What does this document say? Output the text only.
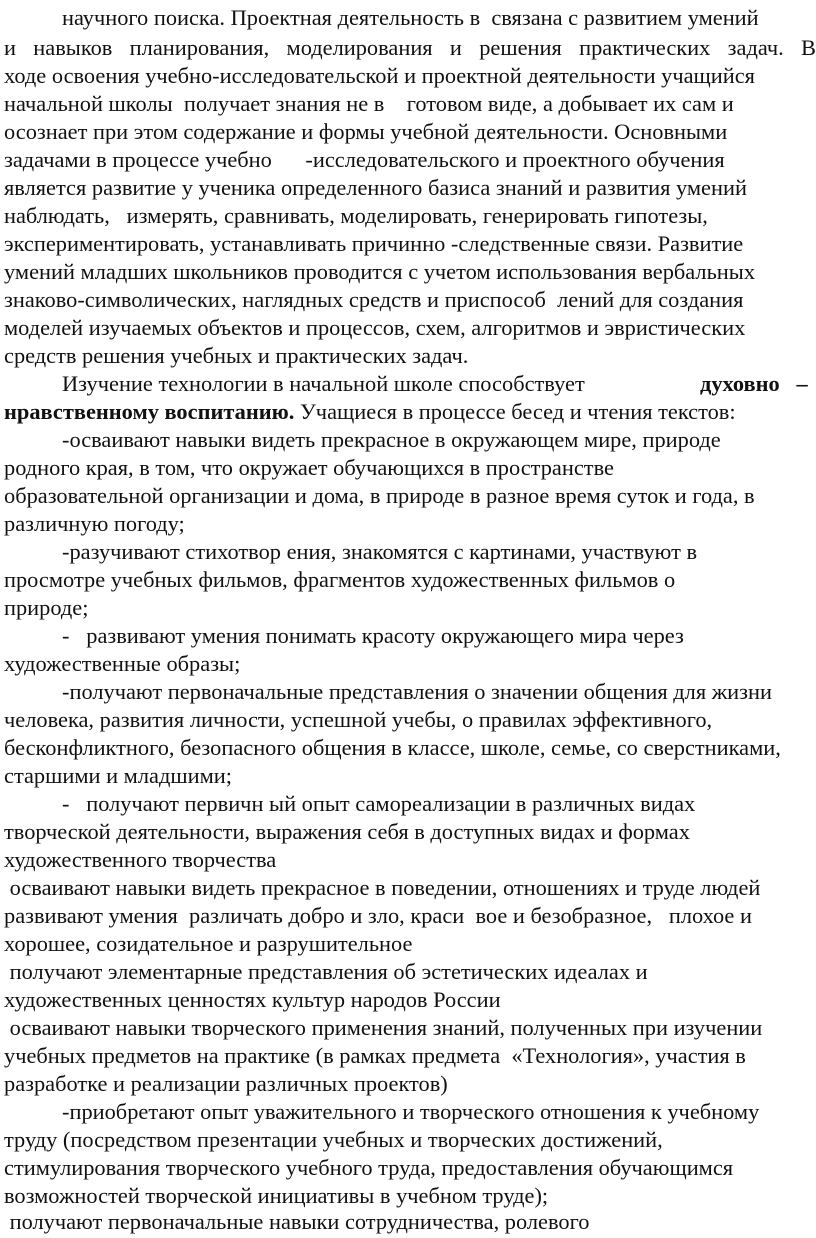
научного поиска. Проектная деятельность в  связана с развитием умений
и навыков планирования, моделирования и решения практических задач. В
ходе освоения учебно-исследовательской и проектной деятельности учащийся
начальной школы  получает знания не в    готовом виде, а добывает их сам и
осознает при этом содержание и формы учебной деятельности. Основными
задачами в процессе учебно      -исследовательского и проектного обучения
является развитие у ученика определенного базиса знаний и развития умений
наблюдать,   измерять, сравнивать, моделировать, генерировать гипотезы,
экспериментировать, устанавливать причинно -следственные связи. Развитие
умений младших школьников проводится с учетом использования вербальных
знаково-символических, наглядных средств и приспособ  лений для создания
моделей изучаемых объектов и процессов, схем, алгоритмов и эвристических
средств решения учебных и практических задач.
Изучение технологии в начальной школе способствует	духовно   –
нравственному воспитанию. Учащиеся в процессе бесед и чтения текстов:
-осваивают навыки видеть прекрасное в окружающем мире, природе
родного края, в том, что окружает обучающихся в пространстве
образовательной организации и дома, в природе в разное время суток и года, в
различную погоду;
-разучивают стихотвор ения, знакомятся с картинами, участвуют в
просмотре учебных фильмов, фрагментов художественных фильмов о
природе;
-   развивают умения понимать красоту окружающего мира через
художественные образы;
-получают первоначальные представления о значении общения для жизни
человека, развития личности, успешной учебы, о правилах эффективного,
бесконфликтного, безопасного общения в классе, школе, семье, со сверстниками,
старшими и младшими;
-   получают первичн ый опыт самореализации в различных видах
творческой деятельности, выражения себя в доступных видах и формах
художественного творчества
осваивают навыки видеть прекрасное в поведении, отношениях и труде людей
развивают умения  различать добро и зло, краси  вое и безобразное,   плохое и
хорошее, созидательное и разрушительное
получают элементарные представления об эстетических идеалах и
художественных ценностях культур народов России
осваивают навыки творческого применения знаний, полученных при изучении
учебных предметов на практике (в рамках предмета  «Технология», участия в
разработке и реализации различных проектов)
-приобретают опыт уважительного и творческого отношения к учебному
труду (посредством презентации учебных и творческих достижений,
стимулирования творческого учебного труда, предоставления обучающимся
возможностей творческой инициативы в учебном труде);
получают первоначальные навыки сотрудничества, ролевого
